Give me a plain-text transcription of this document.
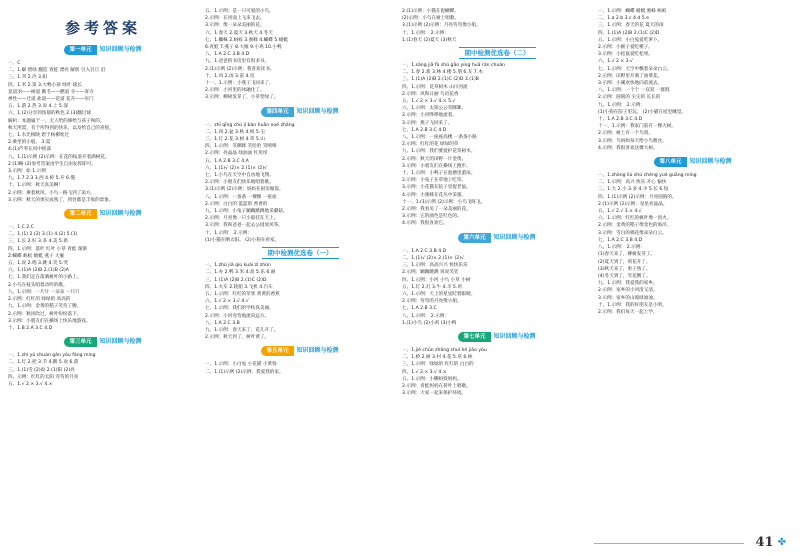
参考答案
第一单元	知识回顾与检测
一、C
二、1.解 碧绿 翻造 青蛙 漂亮 解别 引入目旦 沿
三、1.刊 2.冷 3.阳
四、1.米 2.第 3.大鸭小孩 绿叶 疏长
竟道羽——树道 鹅毛——燃道 寺——寄寺
禅性——迁道 盐道——花道 花卉——宰门
五、1.游 2.热 3.说 4.上 5.深
六、1.(2)分享到浓郁的秋色 2.(3)翻过球
解析：本题属于一、无人给的修给与孩子和的。
秋天所需，有个所得到的快乐，以及给自己的喜悦。
七、1.水光相映 碧于杨柳吹过
2.乘坐的小船。 3.夏
4.(1)芦苇在风中摇荡
八、1.(1)示例 (2)示例：在花的枝条开着满树花。
2.(1)略 (2)参考答案由学生自由发挥即可。
3.示例：如 1.示例
九、1.7 2.3 3.西 4.桥 5.开 6.慢
十、1.示例：秋天真美啊！
2.示例：乘着秋风，小鸟一路飞到了南方。
3.示例：秋天的果实成熟了，到处都是丰收的景象。
第二单元	知识回顾与检测
一、1.C 2.C
二、1.(1) 2.(2) 3.(1) 4.(2) 5.(1)
三、1.长 2.好 3.多 4.美 5.新
四、1.示例：落叶 红叶 小草 青蛙 渐渐
2.蝴蝶 蚂蚁 蜻蜓 燕子 大雁
五、1.说 2.唱 3.跳 4.笑 5.哭
六、1.(1)A (2)B 2.(1)B (2)A
七、1.我们走在落满树叶的小路上。
2.小鸟在枝头唱着动听的歌。
八、1.示例：一片片 一朵朵 一只只
2.示例：红红的 绿绿的 高高的
九、1.示例：金黄的稻子笑弯了腰。
2.示例：秋风吹过，树叶纷纷落下。
3.示例：小朋友们在操场上快乐地游戏。
十、1.B 2.A 3.C 4.D
第三单元	知识回顾与检测
一、1.zhí yǔ chuán gǎn yòu fǎng míng
二、1.灯 2.把 3.节 4.鹅 5.欢 6.游
三、1.(1)雪 (2)雨 2.(1)阳 (2)亮
四、示例：红红的太阳 弯弯的月亮
五、1.√ 2.× 3.√ 4.×
五、1.示例：是一只可爱的小鸟。
2.示例：在河面上飞来飞去。
3.示例：像一朵朵美丽的花。
六、1.春天 2.夏天 3.秋天 4.冬天
七、1.蜘蛛 2.蚂蚁 3.蜜蜂 4.蝴蝶 5.蜻蜓
6.青蛙 7.燕子 8.大雁 9.小鸡 10.小鸭
八、1.A 2.C 3.B 4.D
九、1.爸爸的书房里有很多书。
2.(1)示例 (2)示例：我喜欢读书。
十、1.风 2.雨 3.雷 4.电
十一、1.示例：小燕子飞回来了。
2.示例：小河里的冰融化了。
3.示例：柳树发芽了，小草变绿了。
第四单元	知识回顾与检测
一、zhī qīng chù jí bàn huān xué zhǎng
二、1.冈 2.盆 3.秋 4.纸 5.尖
三、1.灯 2.花 3.树 4.草 5.山
四、1.示例：笑眯眯 笑哈哈 笑嘻嘻
2.示例：亮晶晶 绿油油 红彤彤
五、1.A 2.B 3.C 4.A
六、1.(1)√ (2)× 2.(1)× (2)√
七、1.小鸟在天空中自由地飞翔。
2.示例：小朋友们快乐地唱着歌。
3.(1)示例 (2)示例：妈妈在厨房做饭。
八、1.示例：一条条 一棵棵 一座座
2.示例：白白的 蓝蓝的 香香的
九、1.示例：小兔子蹦蹦跳跳地采蘑菇。
2.示例：月亮像一只小船挂在天上。
3.示例：我和爸爸一起去公园放风筝。
十、1.示例： 2.示例：
(1)小猫在晒太阳。 (2)小狗在看家。
期中检测优选卷（一）
一、1.zhǔ jiǎ qiú kuài zǐ zhǔn
二、1.办 2.鸭 3.米 4.高 5.乐 6.丽
三、1.(1)A (2)B 2.(1)C (2)D
四、1.火车 2.轮船 3.飞机 4.汽车
五、1.示例：红红的苹果 黄黄的香蕉
六、1.√ 2.× 3.√ 4.√
七、1.示例：我们的学校真美丽。
2.示例：小河弯弯地流向远方。
八、1.A 2.C 3.B
九、1.示例：春天来了，花儿开了。
2.示例：秋天到了，树叶黄了。
第五单元	知识回顾与检测
一、1.示例：小白兔 小花猫 小黄狗
二、1.(1)示例 (2)示例：我爱我的家。
2.(1)示例：小猫在捉蝴蝶。
(2)示例：小鸟在树上唱歌。
3.(1)示例 (2)示例：月亮弯弯像小船。
十、1.示例： 2.示例：
1.(1)春天 (2)夏天 (3)秋天
期中检测优选卷（二）
一、1.sāng jiā fǔ shǔ gāo yíng huā rán chuán
二、1.春 2.新 3.林 4.楼 5.朋 6.友 7.木
三、1.(1)A (2)B 2.(1)C (2)D 3.(1)B
四、1.示例：花草树木 山川河流
2.示例：风和日丽 鸟语花香
五、1.√ 2.× 3.√ 4.× 5.√
六、1.示例：太阳公公笑眯眯。
2.示例：小河哗哗地流着。
3.示例：燕子飞回来了。
七、1.A 2.B 3.C 4.D
八、1.示例：一座座高楼 一条条小路
2.示例：红红的花 绿绿的草
九、1.示例：我们要爱护花草树木。
2.示例：秋天的田野一片金黄。
3.示例：小朋友们在操场上跑步。
十、1.示例：小鸭子在池塘里游泳。
2.示例：小兔子在草地上吃草。
3.示例：小花猫在院子里捉老鼠。
4.示例：小蜜蜂在花丛中采蜜。
十一、1.(1)示例 (2)示例：小鸟飞呀飞。
2.示例：我看见了一朵美丽的花。
3.示例：它的颜色是红色的。
4.示例：我很喜欢它。
第六单元	知识回顾与检测
一、1.A 2.C 3.B 4.D
二、1.(1)√ (2)× 2.(1)× (2)√
三、1.示例：高高兴兴 快快乐乐
2.示例：蹦蹦跳跳 说说笑笑
四、1.示例：小河 小鸟 小草 小树
五、1.灯 2.灯 3.牛 4.羊 5.鸡
六、1.示例：天上的星星眨着眼睛。
2.示例：弯弯的月亮像小船。
七、1.A 2.B 3.C
八、1.示例： 2.示例：
1.(1)小鸟 (2)小鸡 (3)小鸭
第七单元	知识回顾与检测
一、1.jié chūn zhòng shuǐ hé jiāo yóu
二、1.桥 2.树 3.村 4.花 5.草 6.林
三、1.示例：绿绿的 红红的 白白的
四、1.√ 2.× 3.√ 4.×
五、1.示例：小蝌蚪找妈妈。
2.示例：青蛙妈妈在荷叶上唱歌。
3.示例：大家一起来保护环境。
一、1.示例：蝴蝶 蜻蜓 蜜蜂 蚂蚁
二、1.a 2.b 3.c 4.d 5.e
三、1.示例：春天的花 夏天的雨
四、1.(1)A (2)B 2.(1)C (2)D
五、1.示例：小白兔爱吃萝卜。
2.示例：小猴子爱吃桃子。
3.示例：小松鼠爱吃松果。
六、1.√ 2.× 3.√
七、1.示例：天空中飘着朵朵白云。
2.示例：田野里开满了油菜花。
3.示例：小溪欢快地向前流去。
八、1.示例：一个个 一双双 一群群
2.示例：圆圆的 尖尖的 长长的
九、1.示例： 2.示例：
(1)小狗在院子里玩。 (2)小猫在屋里睡觉。
十、1.A 2.B 3.C 4.D
十一、1.示例：我家门前有一棵大树。
2.示例：树上有一个鸟窝。
3.示例：鸟妈妈每天给小鸟喂食。
4.示例：我很喜欢这棵大树。
第八单元	知识回顾与检测
一、1.zhòng liú shù chéng yuè guāng míng
二、1.示例：高兴 快乐 开心 愉快
三、1.大 2.小 3.多 4.少 5.长 6.短
四、1.(1)示例 (2)示例：月亮圆圆的。
2.(1)示例 (2)示例：星星亮晶晶。
五、1.√ 2.√ 3.× 4.√
六、1.示例：红红的枫叶像一团火。
2.示例：金黄的稻子像金色的海洋。
3.示例：雪白的棉花像朵朵白云。
七、1.A 2.C 3.B 4.D
八、1.示例： 2.示例：
(1)春天来了，柳树发芽了。
(2)夏天到了，荷花开了。
(3)秋天来了，果子熟了。
(4)冬天到了，雪花飘了。
九、1.示例：我爱我的家乡。
2.示例：家乡的小河清又清。
3.示例：家乡的山坡绿油油。
十、1.示例：我的好朋友是小明。
2.示例：我们每天一起上学。
41 ✤
